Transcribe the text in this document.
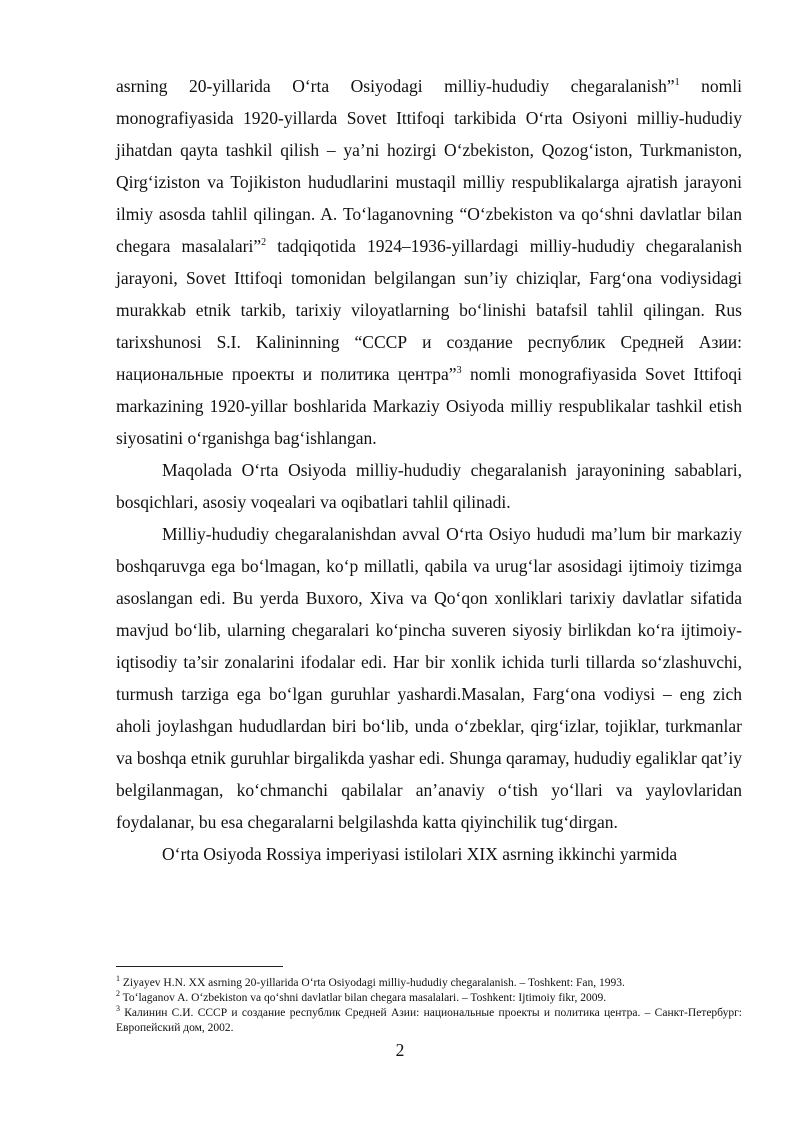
asrning 20-yillarida O‘rta Osiyodagi milliy-hududiy chegaralanish”$^1$ nomli monografiyasida 1920-yillarda Sovet Ittifoqi tarkibida O‘rta Osiyoni milliy-hududiy jihatdan qayta tashkil qilish – ya’ni hozirgi O‘zbekiston, Qozog‘iston, Turkmaniston, Qirg‘iziston va Tojikiston hududlarini mustaqil milliy respublikalarga ajratish jarayoni ilmiy asosda tahlil qilingan. A. To‘laganovning “O‘zbekiston va qo‘shni davlatlar bilan chegara masalalari”$^2$ tadqiqotida 1924–1936-yillardagi milliy-hududiy chegaralanish jarayoni, Sovet Ittifoqi tomonidan belgilangan sun’iy chiziqlar, Farg‘ona vodiysidagi murakkab etnik tarkib, tarixiy viloyatlarning bo‘linishi batafsil tahlil qilingan. Rus tarixshunosi S.I. Kalininning “СССР и создание республик Средней Азии: национальные проекты и политика центра”$^3$ nomli monografiyasida Sovet Ittifoqi markazining 1920-yillar boshlarida Markaziy Osiyoda milliy respublikalar tashkil etish siyosatini o‘rganishga bag‘ishlangan.

Maqolada O‘rta Osiyoda milliy-hududiy chegaralanish jarayonining sabablari, bosqichlari, asosiy voqealari va oqibatlari tahlil qilinadi.

Milliy-hududiy chegaralanishdan avval O‘rta Osiyo hududi ma’lum bir markaziy boshqaruvga ega bo‘lmagan, ko‘p millatli, qabila va urug‘lar asosidagi ijtimoiy tizimga asoslangan edi. Bu yerda Buxoro, Xiva va Qo‘qon xonliklari tarixiy davlatlar sifatida mavjud bo‘lib, ularning chegaralari ko‘pincha suveren siyosiy birlikdan ko‘ra ijtimoiy-iqtisodiy ta’sir zonalarini ifodalar edi. Har bir xonlik ichida turli tillarda so‘zlashuvchi, turmush tarziga ega bo‘lgan guruhlar yashardi.Masalan, Farg‘ona vodiysi – eng zich aholi joylashgan hududlardan biri bo‘lib, unda o‘zbeklar, qirg‘izlar, tojiklar, turkmanlar va boshqa etnik guruhlar birgalikda yashar edi. Shunga qaramay, hududiy egaliklar qat’iy belgilanmagan, ko‘chmanchi qabilalar an’anaviy o‘tish yo‘llari va yaylovlaridan foydalanar, bu esa chegaralarni belgilashda katta qiyinchilik tug‘dirgan.

O‘rta Osiyoda Rossiya imperiyasi istilolari XIX asrning ikkinchi yarmida

$^1$ Ziyayev H.N. XX asrning 20-yillarida O‘rta Osiyodagi milliy-hududiy chegaralanish. – Toshkent: Fan, 1993.

$^2$ To‘laganov A. O‘zbekiston va qo‘shni davlatlar bilan chegara masalalari. – Toshkent: Ijtimoiy fikr, 2009.

$^3$ Калинин С.И. СССР и создание республик Средней Азии: национальные проекты и политика центра. – Санкт-Петербург: Европейский дом, 2002.

2
